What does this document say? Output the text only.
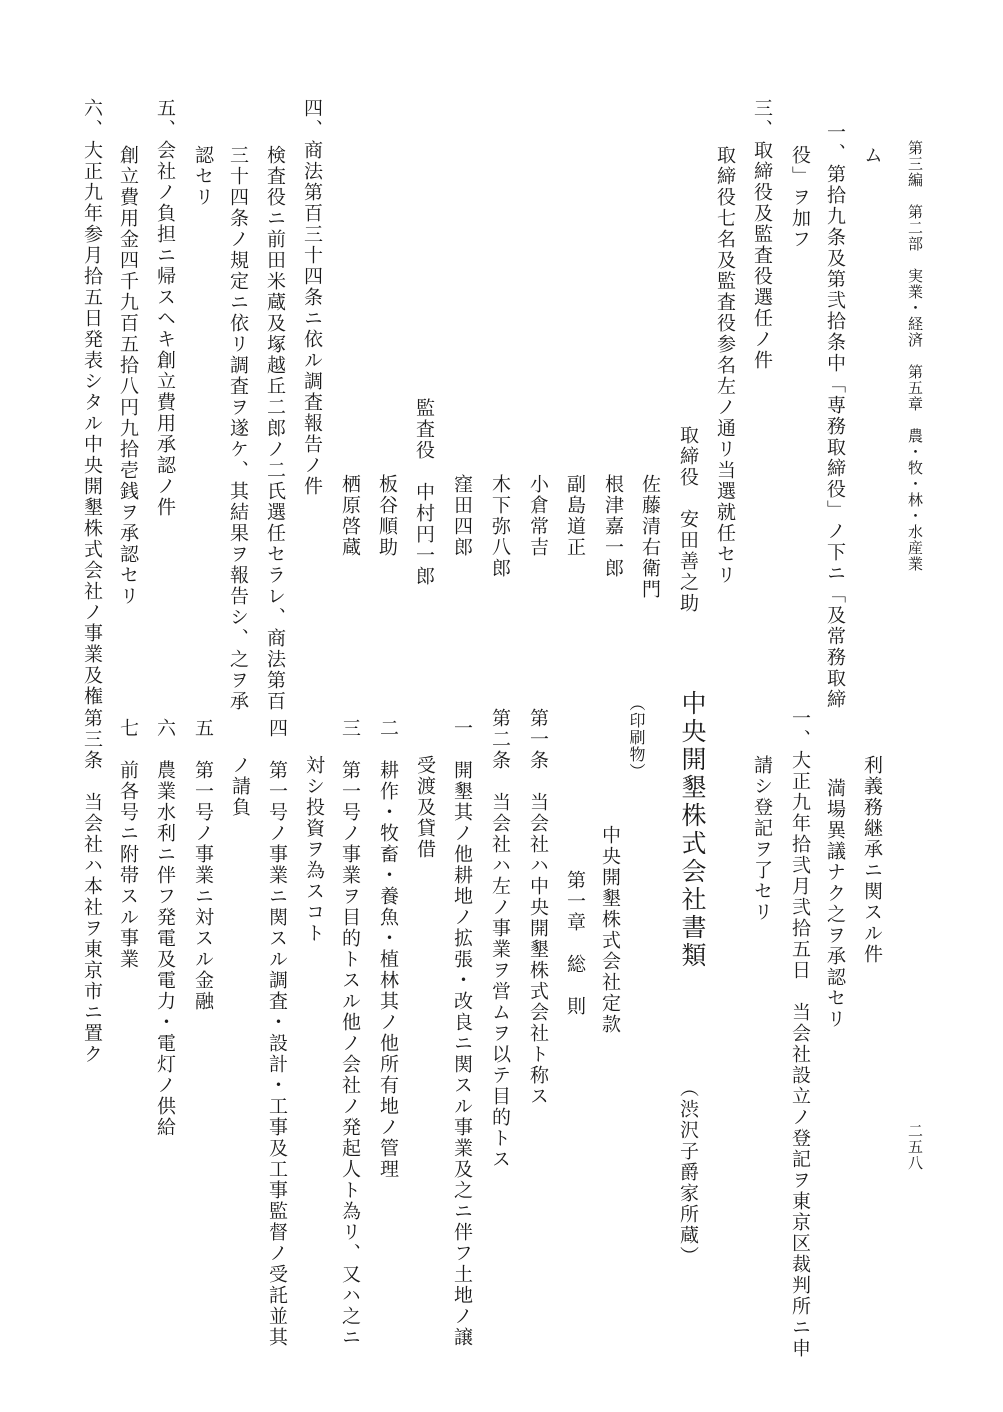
第三編　第二部　実業・経済　第五章　農・牧・林・水産業
二五八
ム
一、第拾九条及第弐拾条中「専務取締役」ノ下ニ「及常務取締
役」ヲ加フ
三、取締役及監査役選任ノ件
取締役七名及監査役参名左ノ通リ当選就任セリ
取締役　安田善之助
佐藤清右衛門
根津嘉一郎
副島道正
小倉常吉
木下弥八郎
窪田四郎
監査役　中村円一郎
板谷順助
栖原啓蔵
四、商法第百三十四条ニ依ル調査報告ノ件
検査役ニ前田米蔵及塚越丘二郎ノ二氏選任セラレ、商法第百
三十四条ノ規定ニ依リ調査ヲ遂ケ、其結果ヲ報告シ、之ヲ承
認セリ
五、会社ノ負担ニ帰スヘキ創立費用承認ノ件
創立費用金四千九百五拾八円九拾壱銭ヲ承認セリ
六、大正九年参月拾五日発表シタル中央開墾株式会社ノ事業及権
利義務継承ニ関スル件
満場異議ナク之ヲ承認セリ
一、大正九年拾弐月弐拾五日　当会社設立ノ登記ヲ東京区裁判所ニ申
請シ登記ヲ了セリ
中央開墾株式会社書類
（渋沢子爵家所蔵）
（印刷物）
中央開墾株式会社定款
第一章　総　則
第一条　当会社ハ中央開墾株式会社ト称ス
第二条　当会社ハ左ノ事業ヲ営ムヲ以テ目的トス
一　開墾其ノ他耕地ノ拡張・改良ニ関スル事業及之ニ伴フ土地ノ譲
受渡及貸借
二　耕作・牧畜・養魚・植林其ノ他所有地ノ管理
三　第一号ノ事業ヲ目的トスル他ノ会社ノ発起人ト為リ、又ハ之ニ
対シ投資ヲ為スコト
四　第一号ノ事業ニ関スル調査・設計・工事及工事監督ノ受託並其
ノ請負
五　第一号ノ事業ニ対スル金融
六　農業水利ニ伴フ発電及電力・電灯ノ供給
七　前各号ニ附帯スル事業
第三条　当会社ハ本社ヲ東京市ニ置ク
